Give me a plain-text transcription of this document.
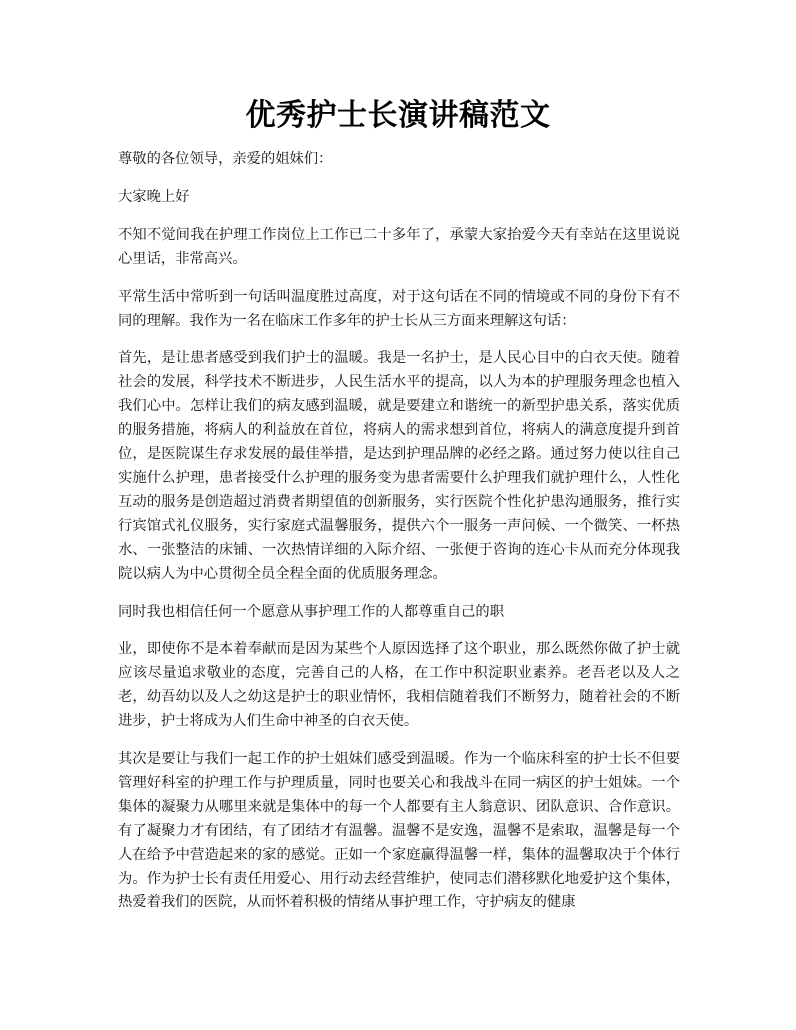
优秀护士长演讲稿范文

尊敬的各位领导，亲爱的姐妹们：

大家晚上好

不知不觉间我在护理工作岗位上工作已二十多年了，承蒙大家抬爱今天有幸站在这里说说心里话，非常高兴。

平常生活中常听到一句话叫温度胜过高度，对于这句话在不同的情境或不同的身份下有不同的理解。我作为一名在临床工作多年的护士长从三方面来理解这句话：

首先，是让患者感受到我们护士的温暖。我是一名护士，是人民心目中的白衣天使。随着社会的发展，科学技术不断进步，人民生活水平的提高，以人为本的护理服务理念也植入我们心中。怎样让我们的病友感到温暖，就是要建立和谐统一的新型护患关系，落实优质的服务措施，将病人的利益放在首位，将病人的需求想到首位，将病人的满意度提升到首位，是医院谋生存求发展的最佳举措，是达到护理品牌的必经之路。通过努力使以往自己实施什么护理，患者接受什么护理的服务变为患者需要什么护理我们就护理什么，人性化互动的服务是创造超过消费者期望值的创新服务，实行医院个性化护患沟通服务，推行实行宾馆式礼仪服务，实行家庭式温馨服务，提供六个一服务一声问候、一个微笑、一杯热水、一张整洁的床铺、一次热情详细的入际介绍、一张便于咨询的连心卡从而充分体现我院以病人为中心贯彻全员全程全面的优质服务理念。

同时我也相信任何一个愿意从事护理工作的人都尊重自己的职

业，即使你不是本着奉献而是因为某些个人原因选择了这个职业，那么既然你做了护士就应该尽量追求敬业的态度，完善自己的人格，在工作中积淀职业素养。老吾老以及人之老，幼吾幼以及人之幼这是护士的职业情怀，我相信随着我们不断努力，随着社会的不断进步，护士将成为人们生命中神圣的白衣天使。

其次是要让与我们一起工作的护士姐妹们感受到温暖。作为一个临床科室的护士长不但要管理好科室的护理工作与护理质量，同时也要关心和我战斗在同一病区的护士姐妹。一个集体的凝聚力从哪里来就是集体中的每一个人都要有主人翁意识、团队意识、合作意识。有了凝聚力才有团结，有了团结才有温馨。温馨不是安逸，温馨不是索取，温馨是每一个人在给予中营造起来的家的感觉。正如一个家庭赢得温馨一样，集体的温馨取决于个体行为。作为护士长有责任用爱心、用行动去经营维护，使同志们潜移默化地爱护这个集体，热爱着我们的医院，从而怀着积极的情绪从事护理工作，守护病友的健康
